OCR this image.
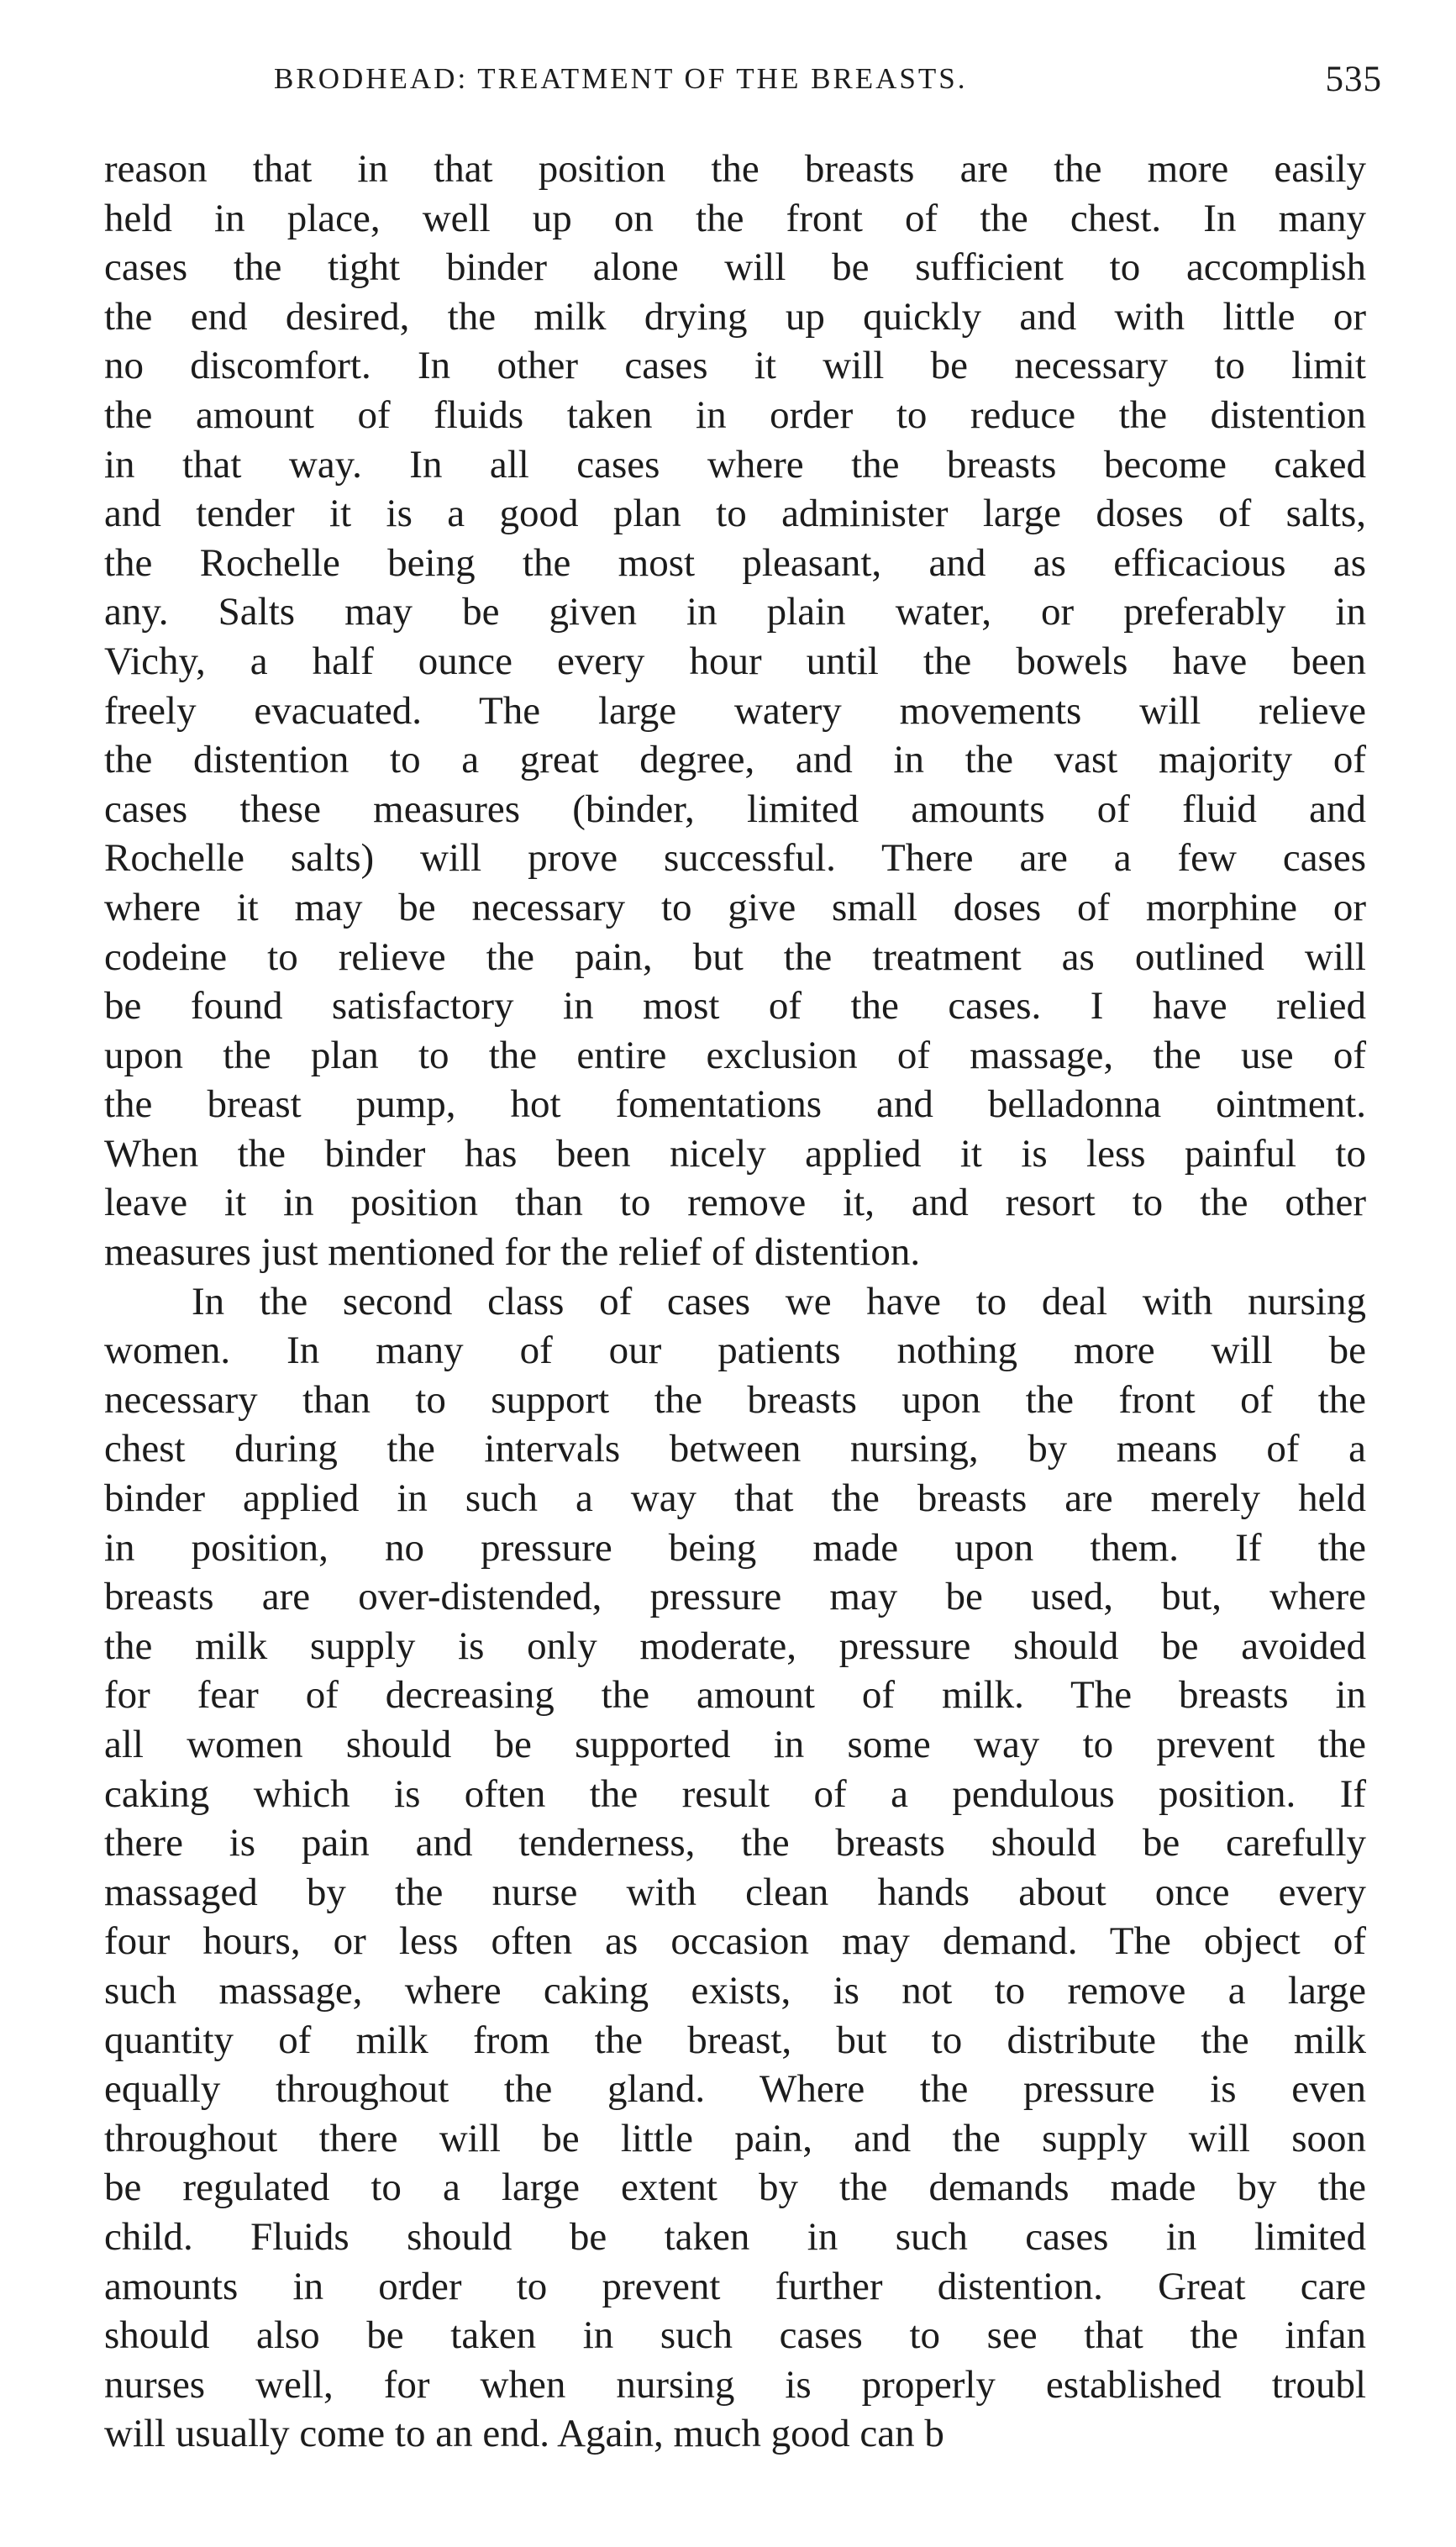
BRODHEAD: TREATMENT OF THE BREASTS.	535
reason that in that position the breasts are the more easily
held in place, well up on the front of the chest. In many
cases the tight binder alone will be sufficient to accomplish
the end desired, the milk drying up quickly and with little or
no discomfort. In other cases it will be necessary to limit
the amount of fluids taken in order to reduce the distention
in that way. In all cases where the breasts become caked
and tender it is a good plan to administer large doses of salts,
the Rochelle being the most pleasant, and as efficacious as
any. Salts may be given in plain water, or preferably in
Vichy, a half ounce every hour until the bowels have been
freely evacuated. The large watery movements will relieve
the distention to a great degree, and in the vast majority of
cases these measures (binder, limited amounts of fluid and
Rochelle salts) will prove successful. There are a few cases
where it may be necessary to give small doses of morphine or
codeine to relieve the pain, but the treatment as outlined will
be found satisfactory in most of the cases. I have relied
upon the plan to the entire exclusion of massage, the use of
the breast pump, hot fomentations and belladonna ointment.
When the binder has been nicely applied it is less painful to
leave it in position than to remove it, and resort to the other
measures just mentioned for the relief of distention.
In the second class of cases we have to deal with nursing
women. In many of our patients nothing more will be
necessary than to support the breasts upon the front of the
chest during the intervals between nursing, by means of a
binder applied in such a way that the breasts are merely held
in position, no pressure being made upon them. If the
breasts are over-distended, pressure may be used, but, where
the milk supply is only moderate, pressure should be avoided
for fear of decreasing the amount of milk. The breasts in
all women should be supported in some way to prevent the
caking which is often the result of a pendulous position. If
there is pain and tenderness, the breasts should be carefully
massaged by the nurse with clean hands about once every
four hours, or less often as occasion may demand. The object of
such massage, where caking exists, is not to remove a large
quantity of milk from the breast, but to distribute the milk
equally throughout the gland. Where the pressure is even
throughout there will be little pain, and the supply will soon
be regulated to a large extent by the demands made by the
child. Fluids should be taken in such cases in limited
amounts in order to prevent further distention. Great care
should also be taken in such cases to see that the infan
nurses well, for when nursing is properly established troubl
will usually come to an end. Again, much good can b
